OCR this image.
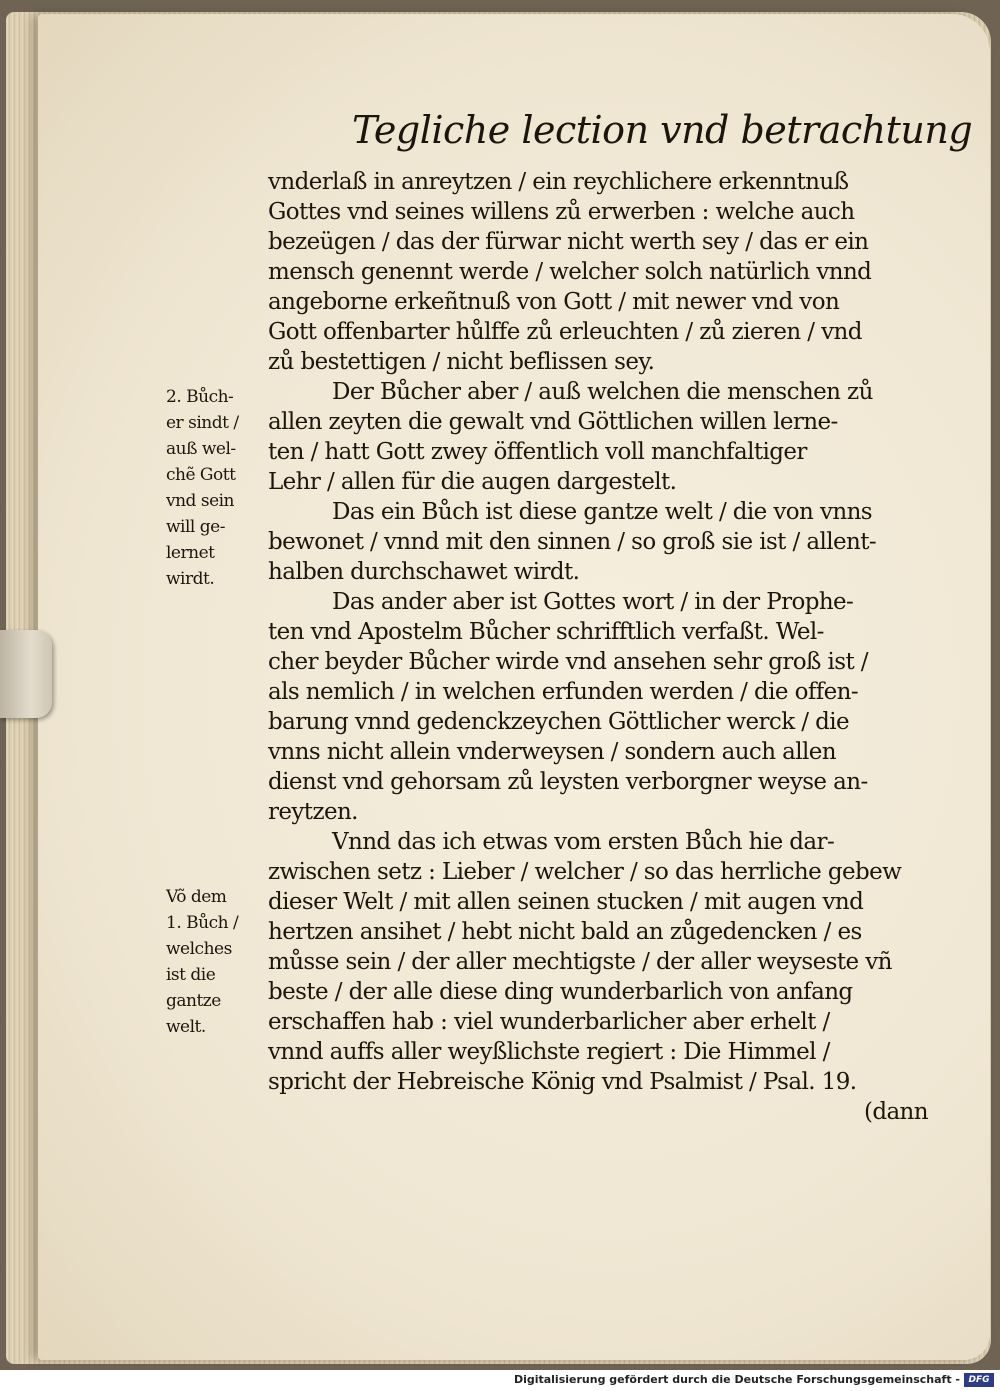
Tegliche lection vnd betrachtung
vnderlaß in anreytzen / ein reychlichere erkenntnuß
Gottes vnd seines willens zů erwerben : welche auch
bezeügen / das der fürwar nicht werth sey / das er ein
mensch genennt werde / welcher solch natürlich vnnd
angeborne erkeñtnuß von Gott / mit newer vnd von
Gott offenbarter hůlffe zů erleuchten / zů zieren / vnd
zů bestettigen / nicht beflissen sey.
Der Bůcher aber / auß welchen die menschen zů
allen zeyten die gewalt vnd Göttlichen willen lerne-
ten / hatt Gott zwey öffentlich voll manchfaltiger
Lehr / allen für die augen dargestelt.
Das ein Bůch ist diese gantze welt / die von vnns
bewonet / vnnd mit den sinnen / so groß sie ist / allent-
halben durchschawet wirdt.
Das ander aber ist Gottes wort / in der Prophe-
ten vnd Apostelm Bůcher schrifftlich verfaßt. Wel-
cher beyder Bůcher wirde vnd ansehen sehr groß ist /
als nemlich / in welchen erfunden werden / die offen-
barung vnnd gedenckzeychen Göttlicher werck / die
vnns nicht allein vnderweysen / sondern auch allen
dienst vnd gehorsam zů leysten verborgner weyse an-
reytzen.
Vnnd das ich etwas vom ersten Bůch hie dar-
zwischen setz : Lieber / welcher / so das herrliche gebew
dieser Welt / mit allen seinen stucken / mit augen vnd
hertzen ansihet / hebt nicht bald an zůgedencken / es
můsse sein / der aller mechtigste / der aller weyseste vñ
beste / der alle diese ding wunderbarlich von anfang
erschaffen hab : viel wunderbarlicher aber erhelt /
vnnd auffs aller weyßlichste regiert : Die Himmel /
spricht der Hebreische König vnd Psalmist / Psal. 19.
(dann
2. Bůch-
er sindt /
auß wel-
chẽ Gott
vnd sein
will ge-
lernet
wirdt.
Võ dem
1. Bůch /
welches
ist die
gantze
welt.
Digitalisierung gefördert durch die Deutsche Forschungsgemeinschaft - DFG
